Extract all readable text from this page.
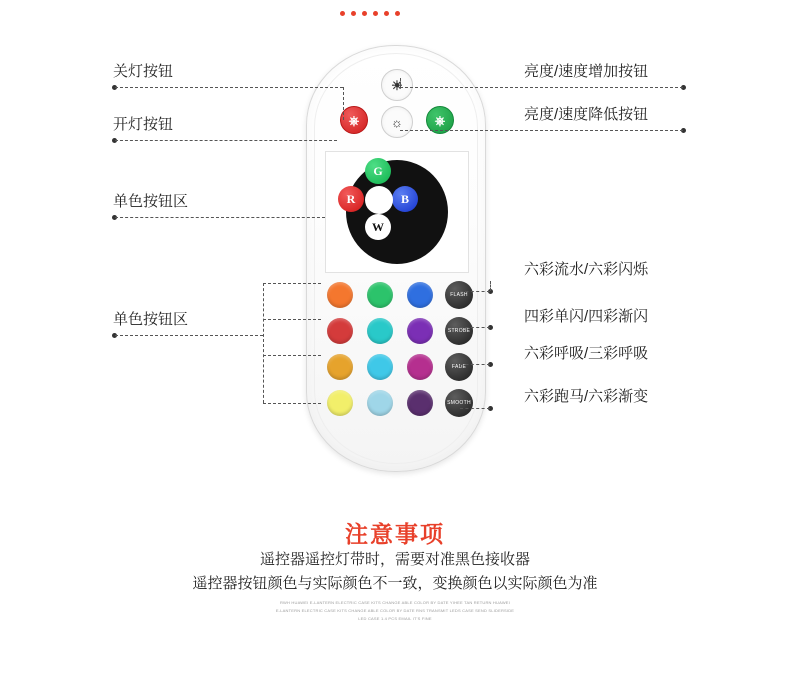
☀
☼
⎈	⎈
G
R	B
W
FLASH
STROBE
FADE
SMOOTH
关灯按钮
开灯按钮
单色按钮区
单色按钮区
亮度/速度增加按钮
亮度/速度降低按钮
六彩流水/六彩闪烁
四彩单闪/四彩渐闪
六彩呼吸/三彩呼吸
六彩跑马/六彩渐变
注意事项
遥控器遥控灯带时，需要对准黑色接收器
遥控器按钮颜色与实际颜色不一致，变换颜色以实际颜色为准
RWH HUAWEI E-LANTERN ELECTRIC CASE KITS CHANGE ABLE COLOR BY DATE YIHEE TAN RETURN HUAWEI
E-LANTERN ELECTRIC CASE KITS CHANGE ABLE COLOR BY DATE RNS TRANSMIT LEDS CASE SEND SLIDERSIDE
LED CASE 1.4 PCS EMAIL IT'S FINE
